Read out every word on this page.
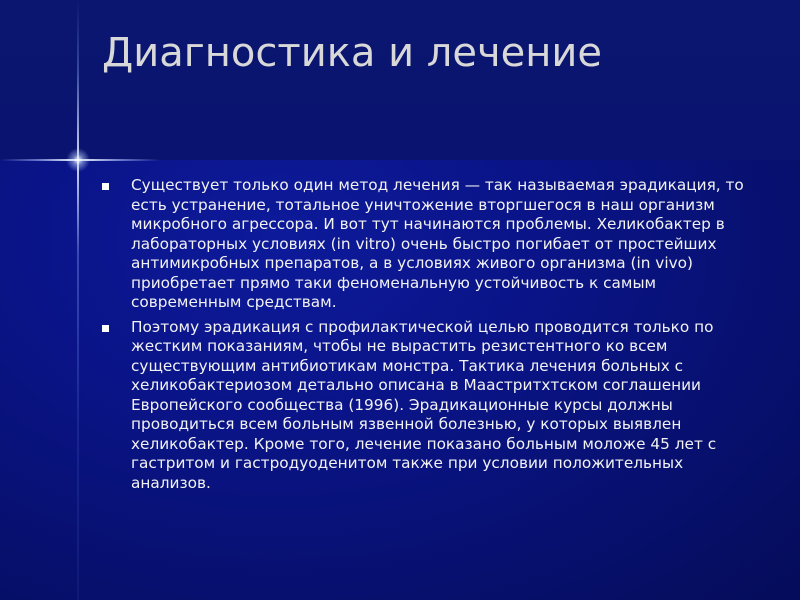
Диагностика и лечение
Существует только один метод лечения — так называемая эрадикация, то есть устранение, тотальное уничтожение вторгшегося в наш организм микробного агрессора. И вот тут начинаются проблемы. Хеликобактер в лабораторных условиях (in vitro) очень быстро погибает от простейших антимикробных препаратов, а в условиях живого организма (in vivo) приобретает прямо таки феноменальную устойчивость к самым современным средствам.
Поэтому эрадикация с профилактической целью проводится только по жестким показаниям, чтобы не вырастить резистентного ко всем существующим антибиотикам монстра. Тактика лечения больных с хеликобактериозом детально описана в Маастритхтском соглашении Европейского сообщества (1996). Эрадикационные курсы должны проводиться всем больным язвенной болезнью, у которых выявлен хеликобактер. Кроме того, лечение показано больным моложе 45 лет с гастритом и гастродуоденитом также при условии положительных анализов.
